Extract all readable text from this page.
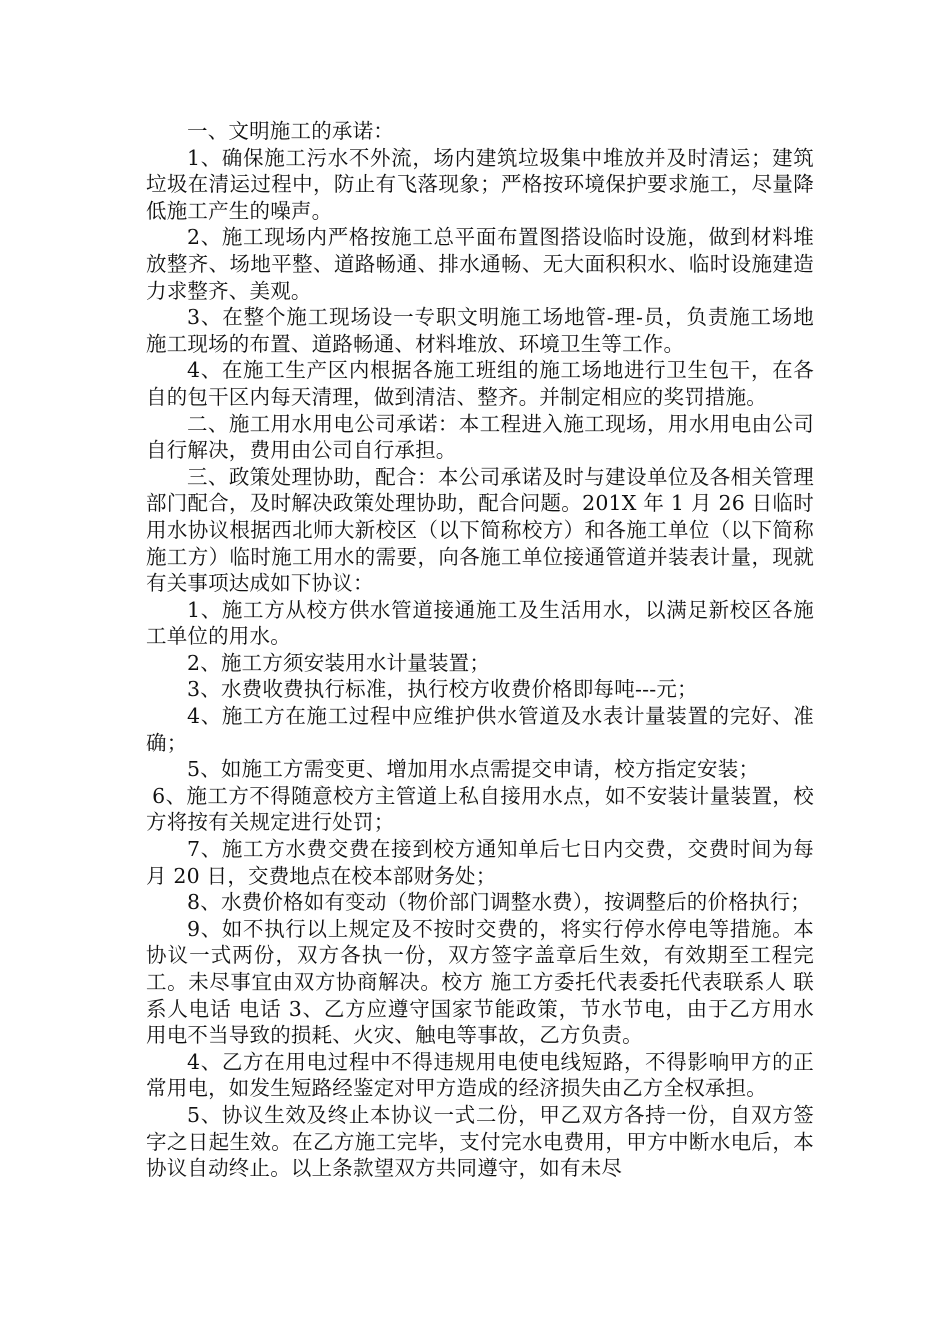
一、文明施工的承诺：

1、确保施工污水不外流，场内建筑垃圾集中堆放并及时清运；建筑垃圾在清运过程中，防止有飞落现象；严格按环境保护要求施工，尽量降低施工产生的噪声。

2、施工现场内严格按施工总平面布置图搭设临时设施，做到材料堆放整齐、场地平整、道路畅通、排水通畅、无大面积积水、临时设施建造力求整齐、美观。

3、在整个施工现场设一专职文明施工场地管-理-员，负责施工场地施工现场的布置、道路畅通、材料堆放、环境卫生等工作。

4、在施工生产区内根据各施工班组的施工场地进行卫生包干，在各自的包干区内每天清理，做到清洁、整齐。并制定相应的奖罚措施。

二、施工用水用电公司承诺：本工程进入施工现场，用水用电由公司自行解决，费用由公司自行承担。

三、政策处理协助，配合：本公司承诺及时与建设单位及各相关管理部门配合，及时解决政策处理协助，配合问题。201X 年 1 月 26 日临时用水协议根据西北师大新校区（以下简称校方）和各施工单位（以下简称施工方）临时施工用水的需要，向各施工单位接通管道并装表计量，现就有关事项达成如下协议：

1、施工方从校方供水管道接通施工及生活用水，以满足新校区各施工单位的用水。

2、施工方须安装用水计量装置；

3、水费收费执行标准，执行校方收费价格即每吨---元；

4、施工方在施工过程中应维护供水管道及水表计量装置的完好、准确；

5、如施工方需变更、增加用水点需提交申请，校方指定安装；

6、施工方不得随意校方主管道上私自接用水点，如不安装计量装置，校方将按有关规定进行处罚；

7、施工方水费交费在接到校方通知单后七日内交费，交费时间为每月 20 日，交费地点在校本部财务处；

8、水费价格如有变动（物价部门调整水费），按调整后的价格执行；

9、如不执行以上规定及不按时交费的，将实行停水停电等措施。本协议一式两份，双方各执一份，双方签字盖章后生效，有效期至工程完工。未尽事宜由双方协商解决。校方 施工方委托代表委托代表联系人 联系人电话 电话 3、乙方应遵守国家节能政策，节水节电，由于乙方用水用电不当导致的损耗、火灾、触电等事故，乙方负责。

4、乙方在用电过程中不得违规用电使电线短路，不得影响甲方的正常用电，如发生短路经鉴定对甲方造成的经济损失由乙方全权承担。

5、协议生效及终止本协议一式二份，甲乙双方各持一份，自双方签字之日起生效。在乙方施工完毕，支付完水电费用，甲方中断水电后，本协议自动终止。以上条款望双方共同遵守，如有未尽
